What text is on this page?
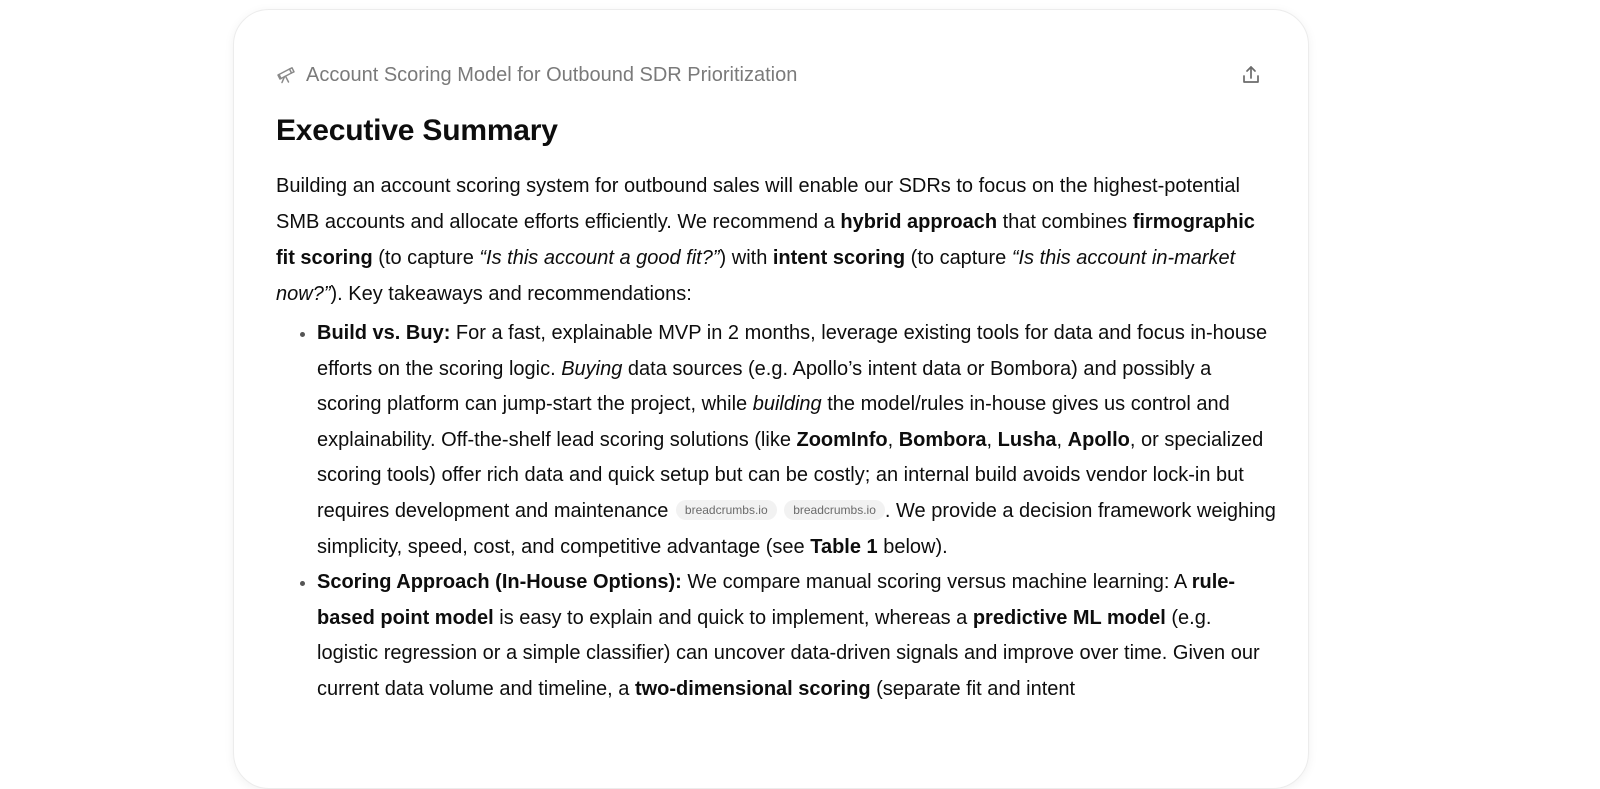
Account Scoring Model for Outbound SDR Prioritization
Executive Summary

Building an account scoring system for outbound sales will enable our SDRs to focus on the highest-potential SMB accounts and allocate efforts efficiently. We recommend a hybrid approach that combines firmographic fit scoring (to capture “Is this account a good fit?”) with intent scoring (to capture “Is this account in-market now?”). Key takeaways and recommendations:

• Build vs. Buy: For a fast, explainable MVP in 2 months, leverage existing tools for data and focus in-house efforts on the scoring logic. Buying data sources (e.g. Apollo’s intent data or Bombora) and possibly a scoring platform can jump-start the project, while building the model/rules in-house gives us control and explainability. Off-the-shelf lead scoring solutions (like ZoomInfo, Bombora, Lusha, Apollo, or specialized scoring tools) offer rich data and quick setup but can be costly; an internal build avoids vendor lock-in but requires development and maintenance breadcrumbs.io breadcrumbs.io . We provide a decision framework weighing simplicity, speed, cost, and competitive advantage (see Table 1 below).
• Scoring Approach (In-House Options): We compare manual scoring versus machine learning: A rule-based point model is easy to explain and quick to implement, whereas a predictive ML model (e.g. logistic regression or a simple classifier) can uncover data-driven signals and improve over time. Given our current data volume and timeline, a two-dimensional scoring (separate fit and intent
